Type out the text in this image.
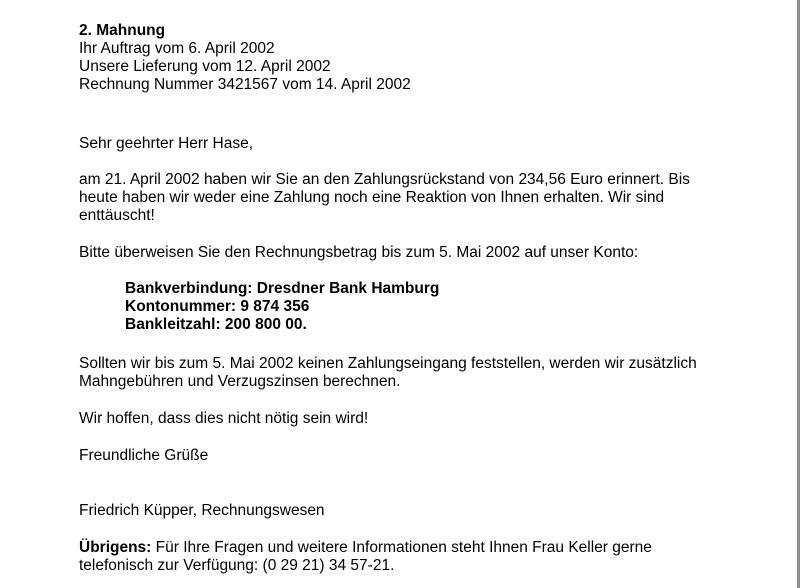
2. Mahnung
Ihr Auftrag vom 6. April 2002
Unsere Lieferung vom 12. April 2002
Rechnung Nummer 3421567 vom 14. April 2002
Sehr geehrter Herr Hase,
am 21. April 2002 haben wir Sie an den Zahlungsrückstand von 234,56 Euro erinnert. Bis
heute haben wir weder eine Zahlung noch eine Reaktion von Ihnen erhalten. Wir sind
enttäuscht!
Bitte überweisen Sie den Rechnungsbetrag bis zum 5. Mai 2002 auf unser Konto:
Bankverbindung: Dresdner Bank Hamburg
Kontonummer: 9 874 356
Bankleitzahl: 200 800 00.
Sollten wir bis zum 5. Mai 2002 keinen Zahlungseingang feststellen, werden wir zusätzlich
Mahngebühren und Verzugszinsen berechnen.
Wir hoffen, dass dies nicht nötig sein wird!
Freundliche Grüße
Friedrich Küpper, Rechnungswesen
Übrigens: Für Ihre Fragen und weitere Informationen steht Ihnen Frau Keller gerne
telefonisch zur Verfügung: (0 29 21) 34 57-21.
